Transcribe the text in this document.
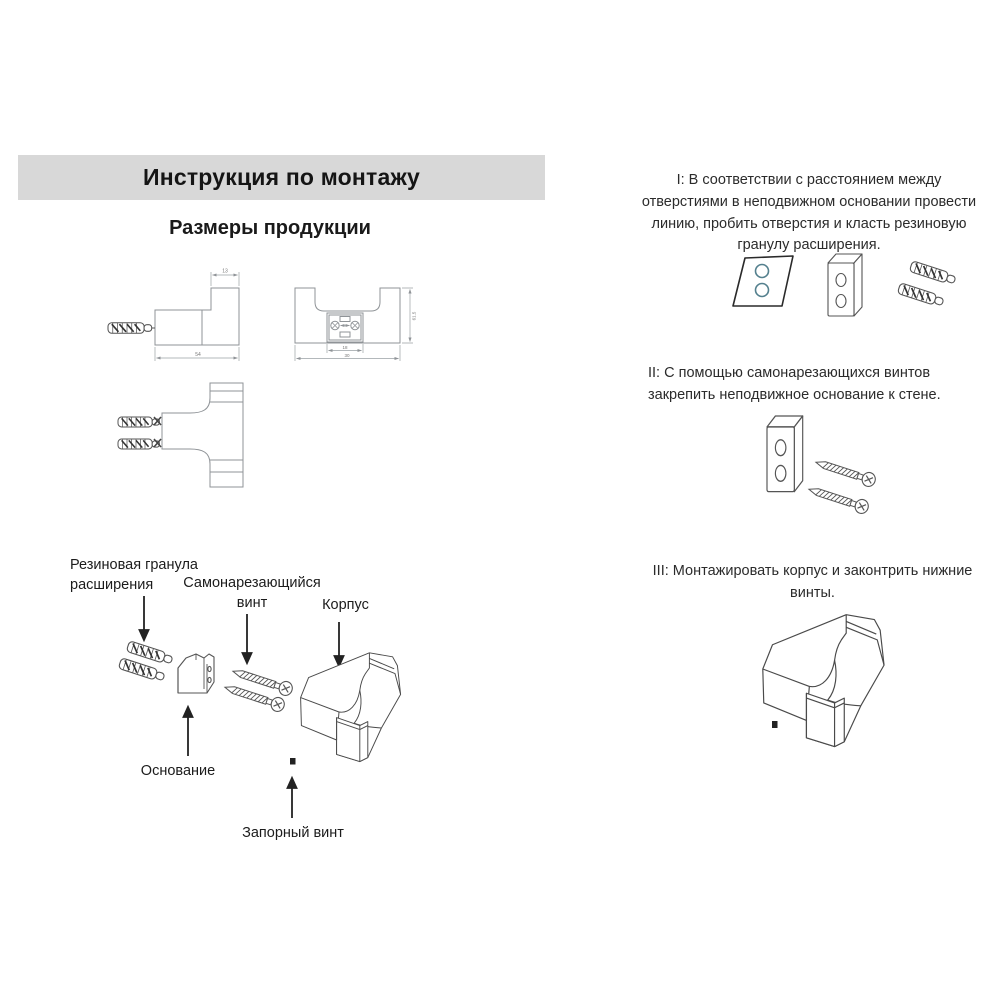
Инструкция по монтажу
Размеры продукции
13
54
61.5
18
30
Резиновая гранула расширения	Самонарезающийся винт	Корпус
Основание
Запорный винт
I: В соответствии с расстоянием между отверстиями в неподвижном основании провести линию, пробить отверстия и класть резиновую гранулу расширения.
II: С помощью самонарезающихся винтов закрепить неподвижное основание к стене.
III: Монтажировать корпус и законтрить нижние винты.
